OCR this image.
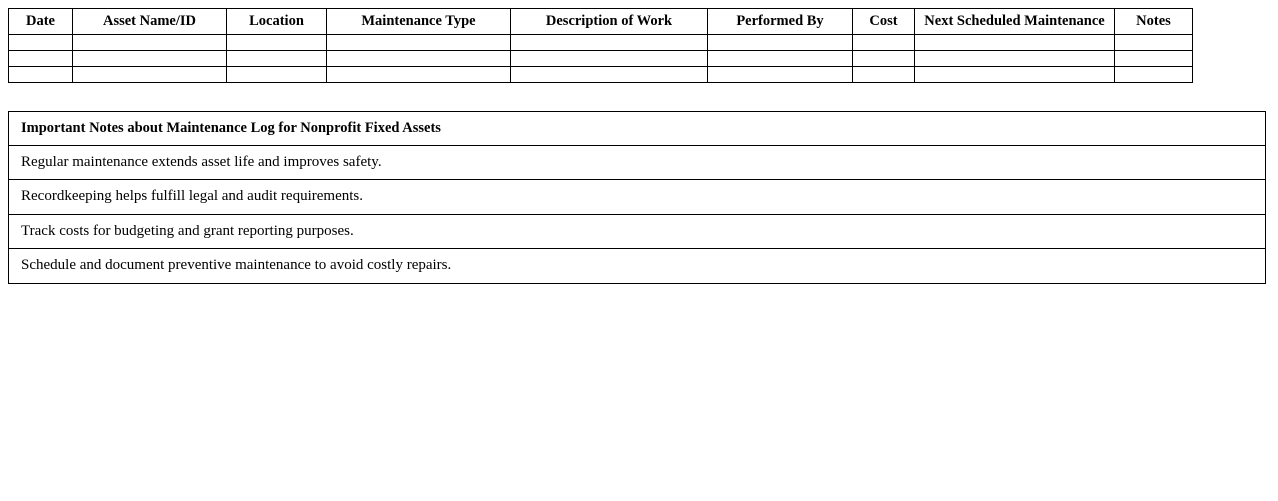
Date	Asset Name/ID	Location	Maintenance Type	Description of Work	Performed By	Cost	Next Scheduled Maintenance	Notes

Important Notes about Maintenance Log for Nonprofit Fixed Assets
Regular maintenance extends asset life and improves safety.
Recordkeeping helps fulfill legal and audit requirements.
Track costs for budgeting and grant reporting purposes.
Schedule and document preventive maintenance to avoid costly repairs.
